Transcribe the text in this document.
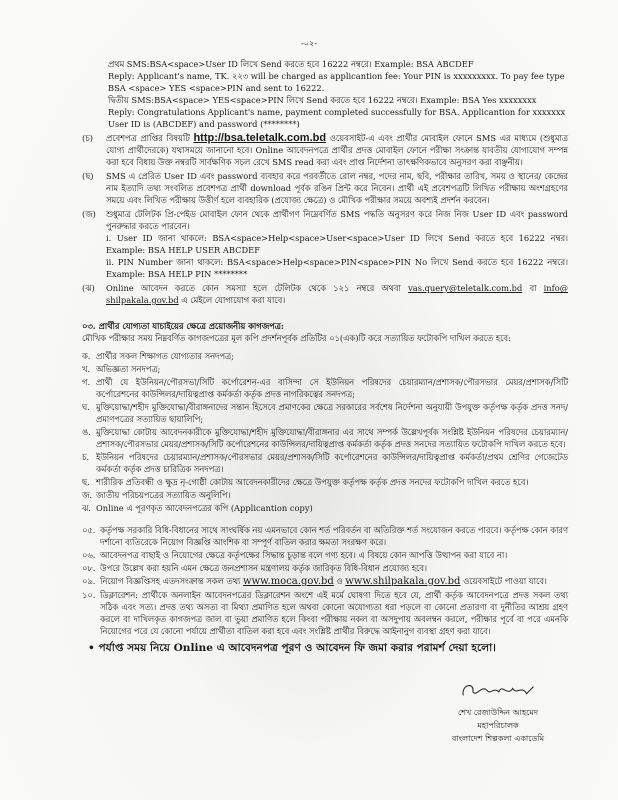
-০২-
প্রথম SMS:BSA<space>User ID লিখে Send করতে হবে 16222 নম্বরে। Example: BSA ABCDEF
Reply: Applicant's name, TK. ২২৩ will be charged as applicantion fee: Your PIN is xxxxxxxxx. To pay fee type BSA <space> YES <space>PIN and sent to 16222.
দ্বিতীয় SMS:BSA<space> YES<space>PIN লিখে Send করতে হবে 16222 নম্বরে। Example: BSA Yes xxxxxxxx
Reply: Congratulations Applicant's name, payment completed successfully for BSA. Applicantion for xxxxxxx User ID is (ABCDEF) and password (********)
(চ)	প্রবেশপত্র প্রাপ্তির বিষয়টি http://bsa.teletalk.com.bd ওয়েবসাইট-এ এবং প্রার্থীর মোবাইল ফোনে SMS এর মাধ্যমে (শুধুমাত্র যোগ্য প্রার্থীদেরকে) যথাসময়ে জানানো হবে। Online আবেদনপত্রে প্রার্থীর প্রদত্ত মোবাইল ফোনে পরীক্ষা সংক্রান্ত যাবতীয় যোগাযোগ সম্পন্ন করা হবে বিধায় উক্ত নম্বরটি সার্বক্ষণিক সচল রেখে SMS read করা এবং প্রাপ্ত নির্দেশনা তাৎক্ষণিকভাবে অনুসরণ করা বাঞ্ছনীয়।
(ছ)	SMS এ প্রেরিত User ID এবং password ব্যবহার করে পরবর্তীতে রোল নম্বর, পদের নাম, ছবি, পরীক্ষার তারিখ, সময় ও স্থানের/ কেন্দ্রের নাম ইত্যাদি তথ্য সংবলিত প্রবেশপত্র প্রার্থী download পূর্বক রঙিন প্রিন্ট করে নিবেন। প্রার্থী এই প্রবেশপত্রটি লিখিত পরীক্ষায় অংশগ্রহণের সময়ে এবং লিখিত পরীক্ষায় উত্তীর্ণ হলে ব্যবহারিক (প্রযোজ্য ক্ষেত্রে) ও মৌখিক পরীক্ষার সময়ে অবশ্যই প্রদর্শন করবেন।
(জ)	শুধুমাত্র টেলিটক প্রি-পেইড মোবাইল ফোন থেকে প্রার্থীগণ নিম্নেবর্ণিত SMS পদ্ধতি অনুসরণ করে নিজ নিজ User ID এবং password পুনরুদ্ধার করতে পারবেন।
i. User ID জানা থাকলে: BSA<space>Help<space>User<space>User ID লিখে Send করতে হবে 16222 নম্বর। Example: BSA HELP USER ABCDEF
ii. PIN Number জানা থাকলে: BSA<space>Help<space>PIN<space>PIN No লিখে Send করতে হবে 16222 নম্বরে। Example: BSA HELP PIN ********
(ঝ)	Online আবেদন করতে কোন সমস্যা হলে টেলিটক থেকে ১২১ নম্বরে অথবা vas.query@teletalk.com.bd বা info@ shilpakala.gov.bd এ মেইলে যোগাযোগ করা যাবে।
০৩. প্রার্থীর যোগ্যতা যাচাইয়ের ক্ষেত্রে প্রয়োজনীয় কাগজপত্র:
মৌখিক পরীক্ষার সময় নিম্নবর্ণিত কাগজপত্রের মূল কপি প্রদর্শনপূর্বক প্রতিটির ০১(এক)টি করে সত্যায়িত ফটোকপি দাখিল করতে হবে:
ক. প্রার্থীর সকল শিক্ষাগত যোগ্যতার সনদপত্র;
খ. অভিজ্ঞতা সনদপত্র;
গ. প্রার্থী যে ইউনিয়ন/পৌরসভা/সিটি কর্পোরেশন-এর বাসিন্দা সে ইউনিয়ন পরিষদের চেয়ারম্যান/প্রশাসক/পৌরসভার মেয়র/প্রশাসক/সিটি কর্পোরেশনের কাউন্সিলর/দায়িত্বপ্রাপ্ত কর্মকর্তা কর্তৃক প্রদত্ত নাগরিকত্বের সনদপত্র;
ঘ. মুক্তিযোদ্ধা/শহীদ মুক্তিযোদ্ধা/বীরাঙ্গনাদের সন্তান হিসেবে প্রমাণকের ক্ষেত্রে সরকারের সর্বশেষ নির্দেশনা অনুযায়ী উপযুক্ত কর্তৃপক্ষ কর্তৃক প্রদত্ত সনদ/প্রমাণপত্রের সত্যায়িত ছায়ালিপি;
ঙ. মুক্তিযোদ্ধা কোটায় আবেদনকারীকে মুক্তিযোদ্ধা/শহীদ মুক্তিযোদ্ধা/বীরাঙ্গনার এর সাথে সম্পর্ক উল্লেখপূর্বক সংশ্লিষ্ট ইউনিয়ন পরিষদের চেয়ারম্যান/প্রশাসক/পৌরসভার মেয়র/প্রশাসক/সিটি কর্পোরেশনের কাউন্সিলর/দায়িত্বপ্রাপ্ত কর্মকর্তা কর্তৃক প্রদত্ত সনদের সত্যায়িত ফটোকপি দাখিল করতে হবে।
চ. ইউনিয়ন পরিষদের চেয়ারম্যান/প্রশাসক/পৌরসভার মেয়র/প্রশাসক/সিটি কর্পোরেশনের কাউন্সিলর/দায়িত্বপ্রাপ্ত কর্মকর্তা/প্রথম শ্রেণির গেজেটেড কর্মকর্তা কর্তৃক প্রদত্ত চারিত্রিক সনদপত্র।
ছ. শারীরিক প্রতিবন্ধী ও ক্ষুদ্র নৃ-গোষ্ঠী কোটায় আবেদনকারীদের ক্ষেত্রে উপযুক্ত কর্তৃপক্ষ কর্তৃক প্রদত্ত সনদের ফটোকপি দাখিল করতে হবে।
জ. জাতীয় পরিচয়পত্রের সত্যায়িত অনুলিপি।
ঝ. Online এ পূরণকৃত আবেদনপত্রের কপি (Applicantion copy)
০৫. কর্তৃপক্ষ সরকারি বিধি-বিধানের সাথে সাংঘর্ষিক নয় এমনভাবে কোন শর্ত পরিবর্তন বা অতিরিক্ত শর্ত সংযোজন করতে পারবে। কর্তৃপক্ষ কোন কারণ দর্শানো ব্যতিরেকে নিয়োগ বিজ্ঞপ্তি আংশিক বা সম্পূর্ণ বাতিল করার ক্ষমতা সংরক্ষণ করে।
০৬. আবেদনপত্র বাছাই ও নিয়োগের ক্ষেত্রে কর্তৃপক্ষের সিদ্ধান্ত চূড়ান্ত বলে গণ্য হবে। এ বিষয়ে কোন আপত্তি উত্থাপন করা যাবে না।
০৮. উপরে উল্লেখ করা হয়নি এমন ক্ষেত্রে জনপ্রশাসন মন্ত্রণালয় কর্তৃক জারিকৃত বিধি-বিধান প্রযোজ্য হবে।
০৯. নিয়োগ বিজ্ঞপ্তিসহ এতদসংক্রান্ত সকল তথ্য www.moca.gov.bd ও www.shilpakala.gov.bd ওয়েবসাইটে পাওয়া যাবে।
১০. ডিক্লারেশন: প্রার্থীকে অনলাইন আবেদনপত্রের ডিক্লারেশন অংশে এই মর্মে ঘোষণা দিতে হবে যে, প্রার্থী কর্তৃক আবেদনপত্রে প্রদত্ত সকল তথ্য সঠিক এবং সত্য। প্রদত্ত তথ্য অসত্য বা মিথ্যা প্রমাণিত হলে অথবা কোনো অযোগ্যতা ধরা পড়লে বা কোনো প্রতারণা বা দুর্নীতির আশ্রয় গ্রহণ করলে বা দাখিলকৃত কাগজপত্র জাল বা ভুয়া প্রমাণিত হলে কিংবা পরীক্ষায় নকল বা অসদুপায় অবলম্বন করলে, পরীক্ষার পূর্বে বা পরে এমনকি নিয়োগের পরে যে কোনো পর্যায়ে প্রার্থীতা বাতিল করা হবে এবং সংশ্লিষ্ট প্রার্থীর বিরুদ্ধে আইনানুগ ব্যবস্থা গ্রহণ করা যাবে।
• পর্যাপ্ত সময় নিয়ে Online এ আবেদনপত্র পূরণ ও আবেদন ফি জমা করার পরামর্শ দেয়া হলো।
শেখ রেজাউদ্দিন আহমেদ
মহাপরিচালক
বাংলাদেশ শিল্পকলা একাডেমি
